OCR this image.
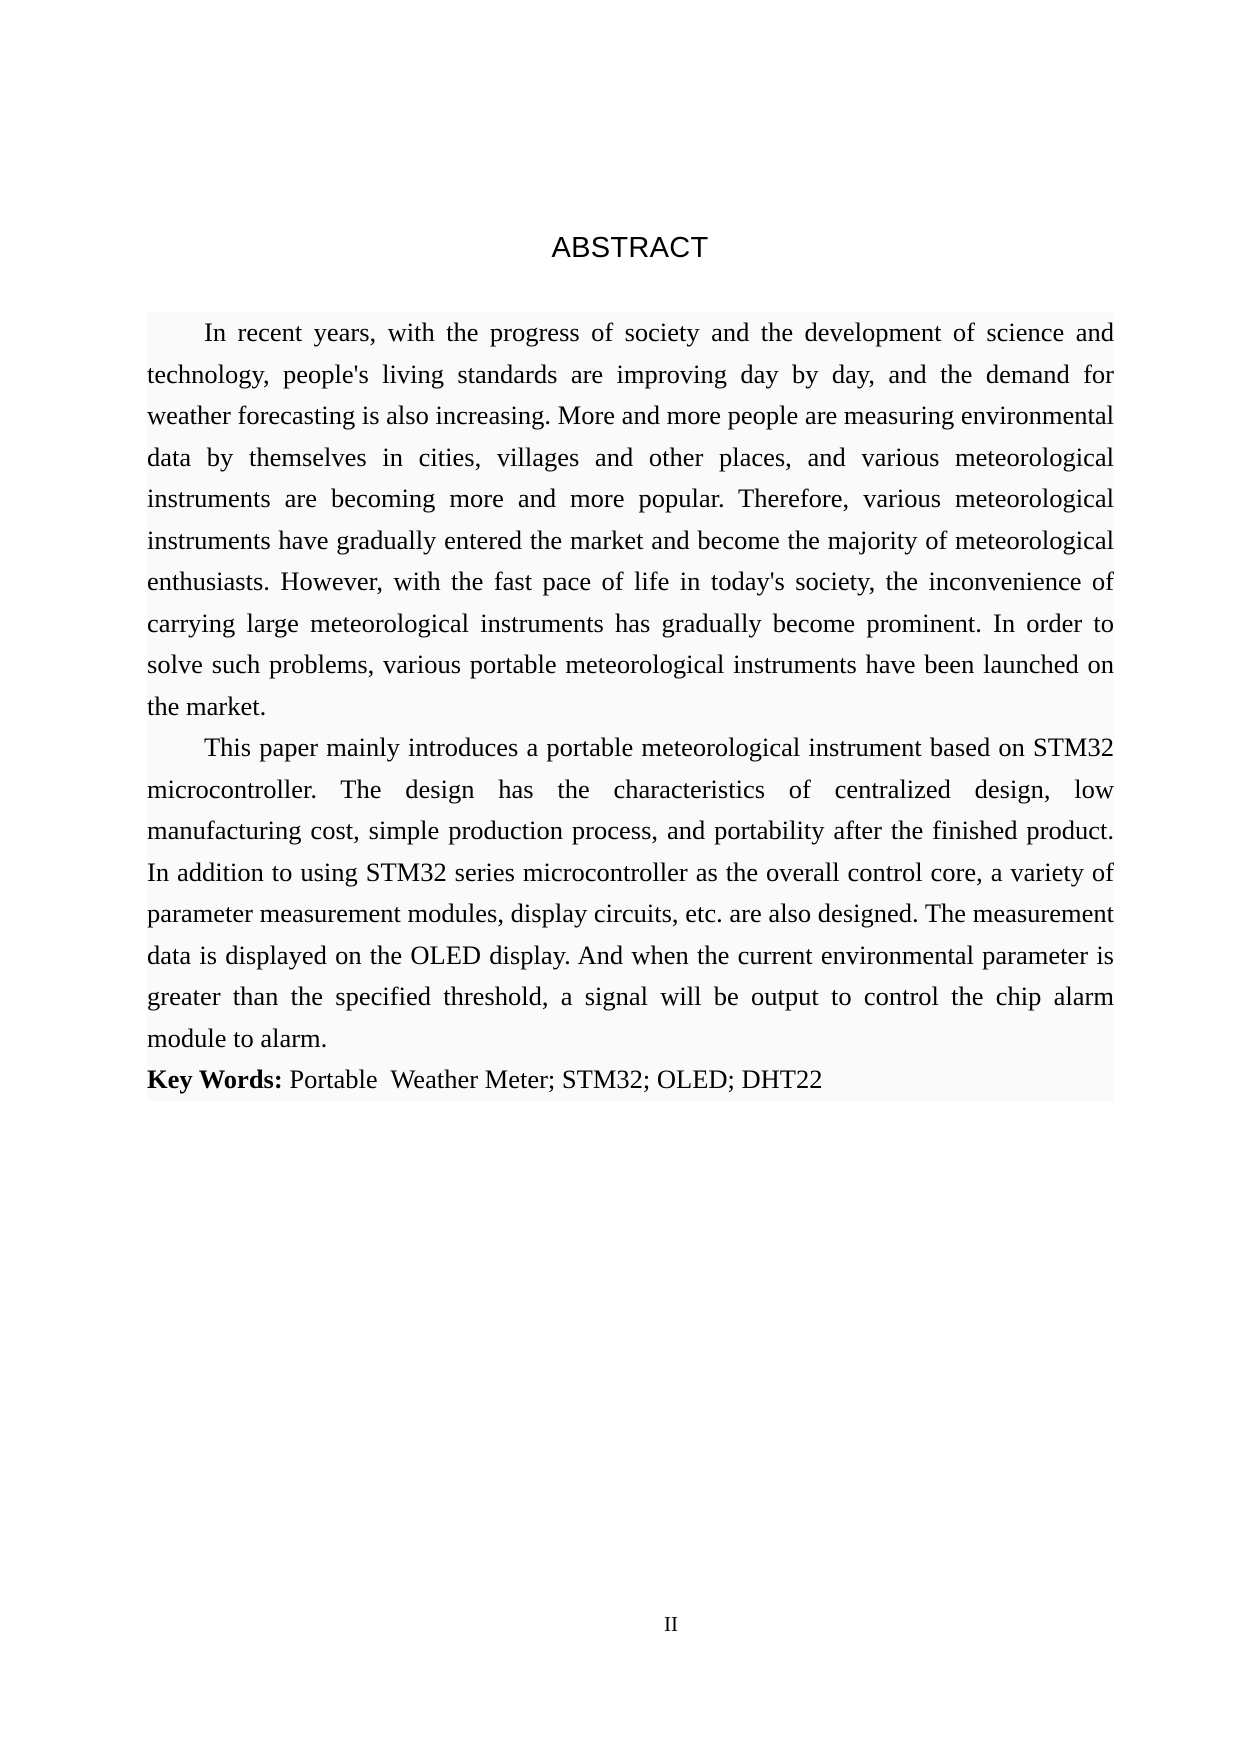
ABSTRACT

In recent years, with the progress of society and the development of science and technology, people's living standards are improving day by day, and the demand for weather forecasting is also increasing. More and more people are measuring environmental data by themselves in cities, villages and other places, and various meteorological instruments are becoming more and more popular. Therefore, various meteorological instruments have gradually entered the market and become the majority of meteorological enthusiasts. However, with the fast pace of life in today's society, the inconvenience of carrying large meteorological instruments has gradually become prominent. In order to solve such problems, various portable meteorological instruments have been launched on the market.

This paper mainly introduces a portable meteorological instrument based on STM32 microcontroller. The design has the characteristics of centralized design, low manufacturing cost, simple production process, and portability after the finished product. In addition to using STM32 series microcontroller as the overall control core, a variety of parameter measurement modules, display circuits, etc. are also designed. The measurement data is displayed on the OLED display. And when the current environmental parameter is greater than the specified threshold, a signal will be output to control the chip alarm module to alarm.

Key Words: Portable  Weather Meter; STM32; OLED; DHT22

II
